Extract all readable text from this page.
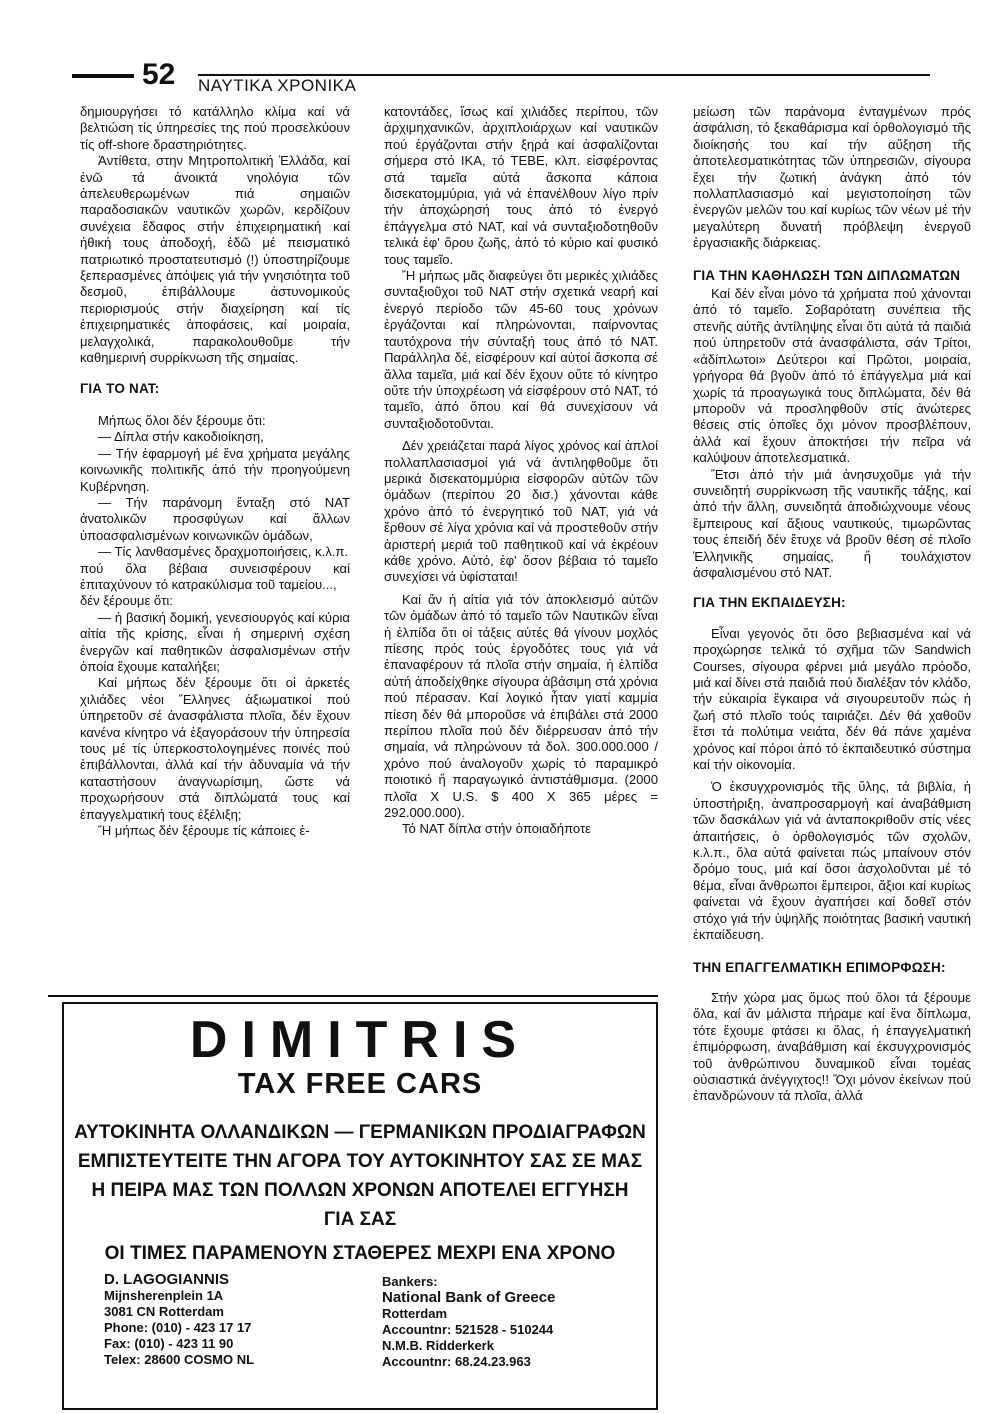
52 ΝΑΥΤΙΚΑ ΧΡΟΝΙΚΑ

δημιουργήσει τό κατάλληλο κλίμα καί νά βελτιώση τίς ύπηρεσίες της πού προσελκύουν τίς off-shore δραστηριότητες.

Ἀντίθετα, στην Μητροπολιτική Ἑλλάδα, καί ἐνῶ τά ἀνοικτά νηολόγια τῶν ἀπελευθερωμένων πιά σημαιῶν παραδοσιακῶν ναυτικῶν χωρῶν, κερδίζουν συνέχεια ἔδαφος στήν ἐπιχειρηματική καί ἠθική τους ἀποδοχή, ἐδῶ μέ πεισματικό πατριωτικό προστατευτισμό (!) ὑποστηρίζουμε ξεπερασμένες ἀπόψεις γιά τήν γνησιότητα τοῦ δεσμοῦ, ἐπιβάλλουμε ἀστυνομικούς περιορισμούς στήν διαχείρηση καί τίς ἐπιχειρηματικές ἀποφάσεις, καί μοιραία, μελαγχολικά, παρακολουθοῦμε τήν καθημερινή συρρίκνωση τῆς σημαίας.

ΓΙΑ ΤΟ ΝΑΤ:

Μήπως ὅλοι δέν ξέρουμε ὅτι:

— Δίπλα στήν κακοδιοίκηση,

— Τήν ἐφαρμογή μέ ἕνα χρήματα μεγάλης κοινωνικῆς πολιτικῆς ἀπό τήν προηγούμενη Κυβέρνηση.

— Τήν παράνομη ἔνταξη στό ΝΑΤ ἀνατολικῶν προσφύγων καί ἄλλων ὑποασφαλισμένων κοινωνικῶν ὁμάδων,

— Τίς λανθασμένες δραχμοποιήσεις, κ.λ.π.

πού ὅλα βέβαια συνεισφέρουν καί ἐπιταχύνουν τό κατρακύλισμα τοῦ ταμείου...,

δέν ξέρουμε ὅτι:

— ἡ βασική δομική, γενεσιουργός καί κύρια αἰτία τῆς κρίσης, εἶναι ἡ σημερινή σχέση ἐνεργῶν καί παθητικῶν ἀσφαλισμένων στήν ὁποία ἔχουμε καταλήξει;

Καί μήπως δέν ξέρουμε ὅτι οἱ ἀρκετές χιλιάδες νέοι Ἕλληνες ἀξιωματικοί πού ὑπηρετοῦν σέ ἀνασφάλιστα πλοῖα, δέν ἔχουν κανένα κίνητρο νά ἐξαγοράσουν τήν ὑπηρεσία τους μέ τίς ὑπερκοστολογημένες ποινές πού ἐπιβάλλονται, ἀλλά καί τήν ἀδυναμία νά τήν καταστήσουν ἀναγνωρίσιμη, ὥστε νά προχωρήσουν στά διπλώματά τους καί ἐπαγγελματική τους ἐξέλιξη;

Ἤ μήπως δέν ξέρουμε τίς κάποιες ἑ-

κατοντάδες, ἴσως καί χιλιάδες περίπου, τῶν ἀρχιμηχανικῶν, ἀρχιπλοιάρχων καί ναυτικῶν πού ἐργάζονται στήν ξηρά καί ἀσφαλίζονται σήμερα στό ΙΚΑ, τό ΤΕΒΕ, κλπ. εἰσφέροντας στά ταμεῖα αὐτά ἄσκοπα κάποια δισεκατομμύρια, γιά νά ἐπανέλθουν λίγο πρίν τήν ἀποχώρησή τους ἀπό τό ἐνεργό ἐπάγγελμα στό ΝΑΤ, καί νά συνταξιοδοτηθοῦν τελικά ἐφ' ὅρου ζωῆς, ἀπό τό κύριο καί φυσικό τους ταμεῖο.

Ἤ μήπως μᾶς διαφεύγει ὅτι μερικές χιλιάδες συνταξιοῦχοι τοῦ ΝΑΤ στήν σχετικά νεαρή καί ἐνεργό περίοδο τῶν 45-60 τους χρόνων ἐργάζονται καί πληρώνονται, παίρνοντας ταυτόχρονα τήν σύνταξή τους ἀπό τό ΝΑΤ. Παράλληλα δέ, εἰσφέρουν καί αὐτοί ἄσκοπα σέ ἄλλα ταμεῖα, μιά καί δέν ἔχουν οὔτε τό κίνητρο οὔτε τήν ὑποχρέωση νά εἰσφέρουν στό ΝΑΤ, τό ταμεῖο, ἀπό ὅπου καί θά συνεχίσουν νά συνταξιοδοτοῦνται.

Δέν χρειάζεται παρά λίγος χρόνος καί ἁπλοί πολλαπλασιασμοί γιά νά ἀντιληφθοῦμε ὅτι μερικά δισεκατομμύρια εἰσφορῶν αὐτῶν τῶν ὁμάδων (περίπου 20 δισ.) χάνονται κάθε χρόνο ἀπό τό ἐνεργητικό τοῦ ΝΑΤ, γιά νά ἔρθουν σέ λίγα χρόνια καί νά προστεθοῦν στήν ἀριστερή μεριά τοῦ παθητικοῦ καί νά ἐκρέουν κάθε χρόνο. Αὐτό, ἐφ' ὅσον βέβαια τό ταμεῖο συνεχίσει νά ὑφίσταται!

Καί ἄν ἡ αἰτία γιά τόν ἀποκλεισμό αὐτῶν τῶν ὁμάδων ἀπό τό ταμεῖο τῶν Ναυτικῶν εἶναι ἡ ἐλπίδα ὅτι οἱ τάξεις αὐτές θά γίνουν μοχλός πίεσης πρός τούς ἐργοδότες τους γιά νά ἐπαναφέρουν τά πλοῖα στήν σημαία, ἡ ἐλπίδα αὐτή ἀποδείχθηκε σίγουρα ἀβάσιμη στά χρόνια πού πέρασαν. Καί λογικό ἦταν γιατί καμμία πίεση δέν θά μποροῦσε νά ἐπιβάλει στά 2000 περίπου πλοῖα πού δέν διέρρευσαν ἀπό τήν σημαία, νά πληρώνουν τά δολ. 300.000.000 /χρόνο πού ἀναλογοῦν χωρίς τό παραμικρό ποιοτικό ἤ παραγωγικό ἀντιστάθμισμα. (2000 πλοῖα X U.S. $ 400 X 365 μέρες = 292.000.000).

Τό ΝΑΤ δίπλα στήν ὁποιαδήποτε

μείωση τῶν παράνομα ἐνταγμένων πρός ἀσφάλιση, τό ξεκαθάρισμα καί ὀρθολογισμό τῆς διοίκησής του καί τήν αὔξηση τῆς ἀποτελεσματικότητας τῶν ὑπηρεσιῶν, σίγουρα ἔχει τήν ζωτική ἀνάγκη ἀπό τόν πολλαπλασιασμό καί μεγιστοποίηση τῶν ἐνεργῶν μελῶν του καί κυρίως τῶν νέων μέ τήν μεγαλύτερη δυνατή πρόβλεψη ἐνεργοῦ ἐργασιακῆς διάρκειας.

ΓΙΑ ΤΗΝ ΚΑΘΗΛΩΣΗ ΤΩΝ ΔΙΠΛΩΜΑΤΩΝ

Καί δέν εἶναι μόνο τά χρήματα πού χάνονται ἀπό τό ταμεῖο. Σοβαρότατη συνέπεια τῆς στενῆς αὐτῆς ἀντίληψης εἶναι ὅτι αὐτά τά παιδιά πού ὑπηρετοῦν στά ἀνασφάλιστα, σάν Τρίτοι, «ἀδίπλωτοι» Δεύτεροι καί Πρῶτοι, μοιραία, γρήγορα θά βγοῦν ἀπό τό ἐπάγγελμα μιά καί χωρίς τά προαγωγικά τους διπλώματα, δέν θά μποροῦν νά προσληφθοῦν στίς ἀνώτερες θέσεις στίς ὁποῖες ὄχι μόνον προσβλέπουν, ἀλλά καί ἔχουν ἀποκτήσει τήν πεῖρα νά καλύψουν ἀποτελεσματικά.

Ἔτσι ἀπό τήν μιά ἀνησυχοῦμε γιά τήν συνειδητή συρρίκνωση τῆς ναυτικῆς τάξης, καί ἀπό τήν ἄλλη, συνειδητά ἀποδιώχνουμε νέους ἔμπειρους καί ἄξιους ναυτικούς, τιμωρῶντας τους ἐπειδή δέν ἔτυχε νά βροῦν θέση σέ πλοῖο Ἑλληνικῆς σημαίας, ἤ τουλάχιστον ἀσφαλισμένου στό ΝΑΤ.

ΓΙΑ ΤΗΝ ΕΚΠΑΙΔΕΥΣΗ:

Εἶναι γεγονός ὅτι ὅσο βεβιασμένα καί νά προχώρησε τελικά τό σχῆμα τῶν Sandwich Courses, σίγουρα φέρνει μιά μεγάλο πρόοδο, μιά καί δίνει στά παιδιά πού διαλέξαν τόν κλάδο, τήν εὐκαιρία ἔγκαιρα νά σιγουρευτοῦν πώς ἡ ζωή στό πλοῖο τούς ταιριάζει. Δέν θά χαθοῦν ἔτσι τά πολύτιμα νειάτα, δέν θά πάνε χαμένα χρόνος καί πόροι ἀπό τό ἐκπαιδευτικό σύστημα καί τήν οἰκονομία.

Ὁ ἐκσυγχρονισμός τῆς ὕλης, τά βιβλία, ἡ ὑποστήριξη, ἀναπροσαρμογή καί ἀναβάθμιση τῶν δασκάλων γιά νά ἀνταποκριθοῦν στίς νέες ἀπαιτήσεις, ὁ ὀρθολογισμός τῶν σχολῶν, κ.λ.π., ὅλα αὐτά φαίνεται πώς μπαίνουν στόν δρόμο τους, μιά καί ὅσοι ἀσχολοῦνται μέ τό θέμα, εἶναι ἄνθρωποι ἔμπειροι, ἄξιοι καί κυρίως φαίνεται νά ἔχουν ἀγαπήσει καί δοθεῖ στόν στόχο γιά τήν ὑψηλῆς ποιότητας βασική ναυτική ἐκπαίδευση.

ΤΗΝ ΕΠΑΓΓΕΛΜΑΤΙΚΗ ΕΠΙΜΟΡΦΩΣΗ:

Στήν χώρα μας ὅμως πού ὅλοι τά ξέρουμε ὅλα, καί ἄν μάλιστα πήραμε καί ἕνα δίπλωμα, τότε ἔχουμε φτάσει κι ὅλας, ἡ ἐπαγγελματική ἐπιμόρφωση, ἀναβάθμιση καί ἐκσυγχρονισμός τοῦ ἀνθρώπινου δυναμικοῦ εἶναι τομέας οὐσιαστικά ἀνέγγιχτος!! Ὄχι μόνον ἐκείνων πού ἐπανδρώνουν τά πλοῖα, ἀλλά

DIMITRIS
TAX FREE CARS
ΑΥΤΟΚΙΝΗΤΑ ΟΛΛΑΝΔΙΚΩΝ — ΓΕΡΜΑΝΙΚΩΝ ΠΡΟΔΙΑΓΡΑΦΩΝ
ΕΜΠΙΣΤΕΥΤΕΙΤΕ ΤΗΝ ΑΓΟΡΑ ΤΟΥ ΑΥΤΟΚΙΝΗΤΟΥ ΣΑΣ ΣΕ ΜΑΣ
Η ΠΕΙΡΑ ΜΑΣ ΤΩΝ ΠΟΛΛΩΝ ΧΡΟΝΩΝ ΑΠΟΤΕΛΕΙ ΕΓΓΥΗΣΗ
ΓΙΑ ΣΑΣ
ΟΙ ΤΙΜΕΣ ΠΑΡΑΜΕΝΟΥΝ ΣΤΑΘΕΡΕΣ ΜΕΧΡΙ ΕΝΑ ΧΡΟΝΟ
D. LAGOGIANNIS
Mijnsherenplein 1A
3081 CN Rotterdam
Phone: (010) - 423 17 17
Fax: (010) - 423 11 90
Telex: 28600 COSMO NL
Bankers:
National Bank of Greece
Rotterdam
Accountnr: 521528 - 510244
N.M.B. Ridderkerk
Accountnr: 68.24.23.963
